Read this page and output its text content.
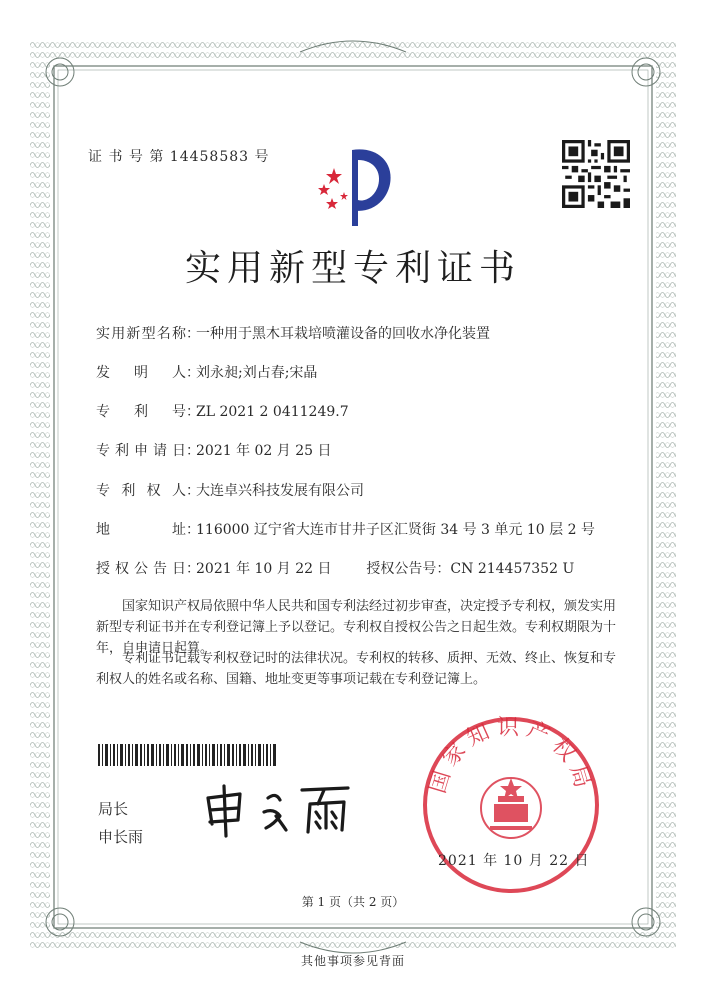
证 书 号 第 14458583 号
实用新型专利证书
实用新型名称：一种用于黑木耳栽培喷灌设备的回收水净化装置
发明人：刘永昶;刘占春;宋晶
专利号：ZL 2021 2 0411249.7
专利申请日：2021 年 02 月 25 日
专利权人：大连卓兴科技发展有限公司
地址：116000 辽宁省大连市甘井子区汇贤街 34 号 3 单元 10 层 2 号
授权公告日：2021 年 10 月 22 日 授权公告号：CN 214457352 U
国家知识产权局依照中华人民共和国专利法经过初步审查，决定授予专利权，颁发实用新型专利证书并在专利登记簿上予以登记。专利权自授权公告之日起生效。专利权期限为十年，自申请日起算。
专利证书记载专利权登记时的法律状况。专利权的转移、质押、无效、终止、恢复和专利权人的姓名或名称、国籍、地址变更等事项记载在专利登记簿上。
局长
申长雨
国家知识产权局
2021 年 10 月 22 日
第 1 页（共 2 页）
其他事项参见背面
